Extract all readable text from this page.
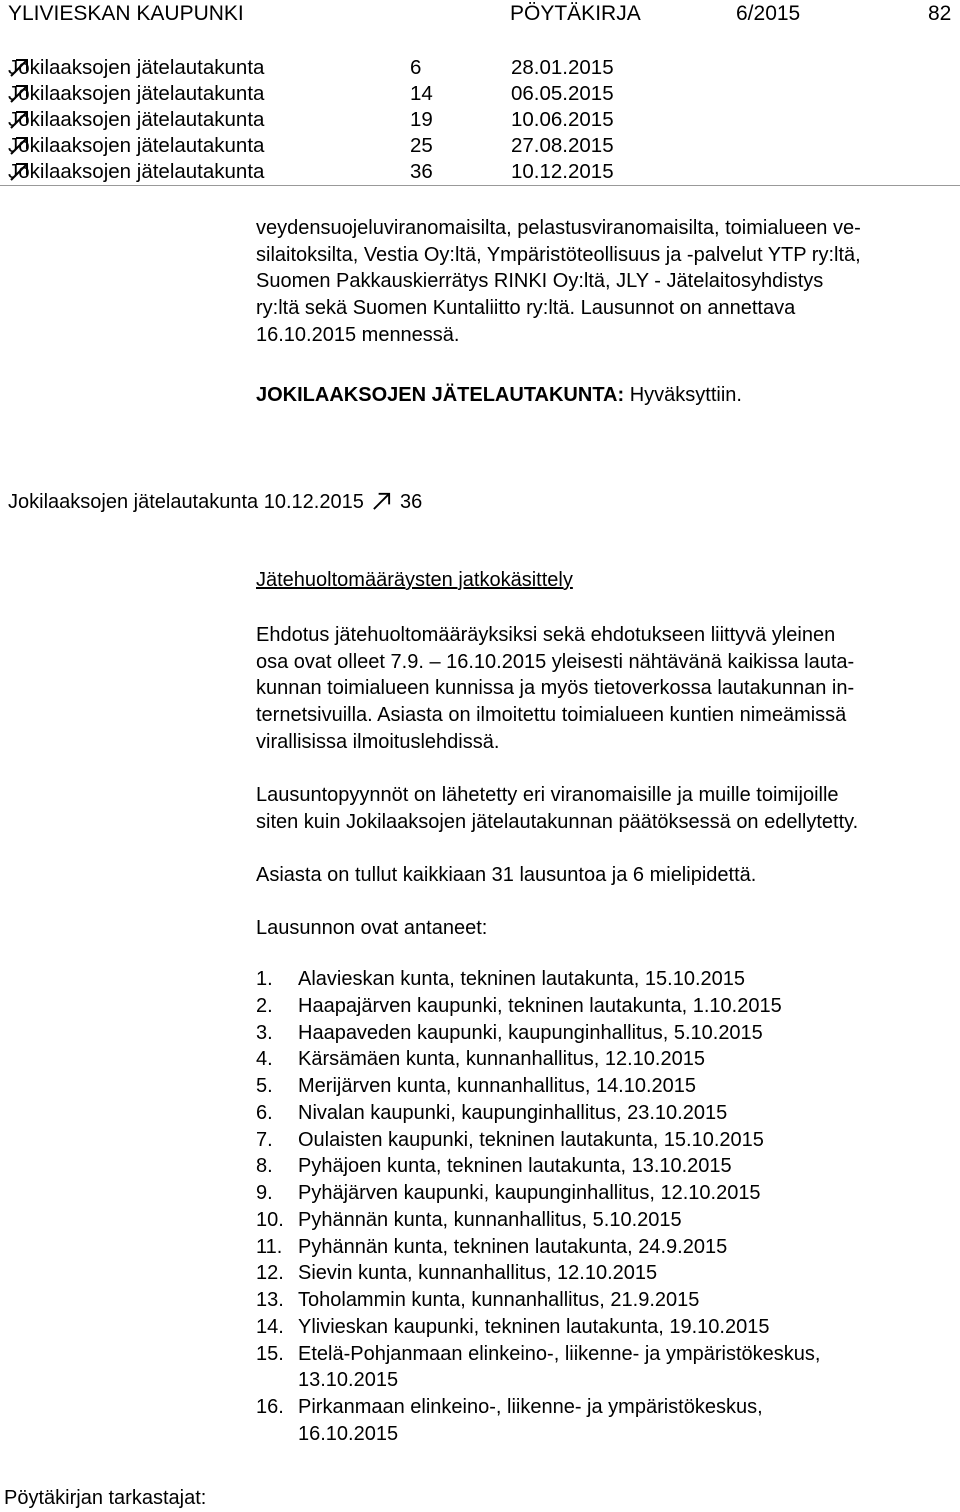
YLIVIESKAN KAUPUNKI	PÖYTÄKIRJA	6/2015	82
Jokilaaksojen jätelautakunta	6	28.01.2015
Jokilaaksojen jätelautakunta	14	06.05.2015
Jokilaaksojen jätelautakunta	19	10.06.2015
Jokilaaksojen jätelautakunta	25	27.08.2015
Jokilaaksojen jätelautakunta	36	10.12.2015
veydensuojeluviranomaisilta, pelastusviranomaisilta, toimialueen ve-
silaitoksilta, Vestia Oy:ltä, Ympäristöteollisuus ja -palvelut YTP ry:ltä,
Suomen Pakkauskierrätys RINKI Oy:ltä, JLY - Jätelaitosyhdistys
ry:ltä sekä Suomen Kuntaliitto ry:ltä. Lausunnot on annettava
16.10.2015 mennessä.
JOKILAAKSOJEN JÄTELAUTAKUNTA: Hyväksyttiin.
Jokilaaksojen jätelautakunta 10.12.2015 36
Jätehuoltomääräysten jatkokäsittely
Ehdotus jätehuoltomääräyksiksi sekä ehdotukseen liittyvä yleinen
osa ovat olleet 7.9. – 16.10.2015 yleisesti nähtävänä kaikissa lauta-
kunnan toimialueen kunnissa ja myös tietoverkossa lautakunnan in-
ternetsivuilla. Asiasta on ilmoitettu toimialueen kuntien nimeämissä
virallisissa ilmoituslehdissä.
Lausuntopyynnöt on lähetetty eri viranomaisille ja muille toimijoille
siten kuin Jokilaaksojen jätelautakunnan päätöksessä on edellytetty.
Asiasta on tullut kaikkiaan 31 lausuntoa ja 6 mielipidettä.
Lausunnon ovat antaneet:
1. Alavieskan kunta, tekninen lautakunta, 15.10.2015
2. Haapajärven kaupunki, tekninen lautakunta, 1.10.2015
3. Haapaveden kaupunki, kaupunginhallitus, 5.10.2015
4. Kärsämäen kunta, kunnanhallitus, 12.10.2015
5. Merijärven kunta, kunnanhallitus, 14.10.2015
6. Nivalan kaupunki, kaupunginhallitus, 23.10.2015
7. Oulaisten kaupunki, tekninen lautakunta, 15.10.2015
8. Pyhäjoen kunta, tekninen lautakunta, 13.10.2015
9. Pyhäjärven kaupunki, kaupunginhallitus, 12.10.2015
10. Pyhännän kunta, kunnanhallitus, 5.10.2015
11. Pyhännän kunta, tekninen lautakunta, 24.9.2015
12. Sievin kunta, kunnanhallitus, 12.10.2015
13. Toholammin kunta, kunnanhallitus, 21.9.2015
14. Ylivieskan kaupunki, tekninen lautakunta, 19.10.2015
15. Etelä-Pohjanmaan elinkeino-, liikenne- ja ympäristökeskus,
13.10.2015
16. Pirkanmaan elinkeino-, liikenne- ja ympäristökeskus,
16.10.2015
Pöytäkirjan tarkastajat:
